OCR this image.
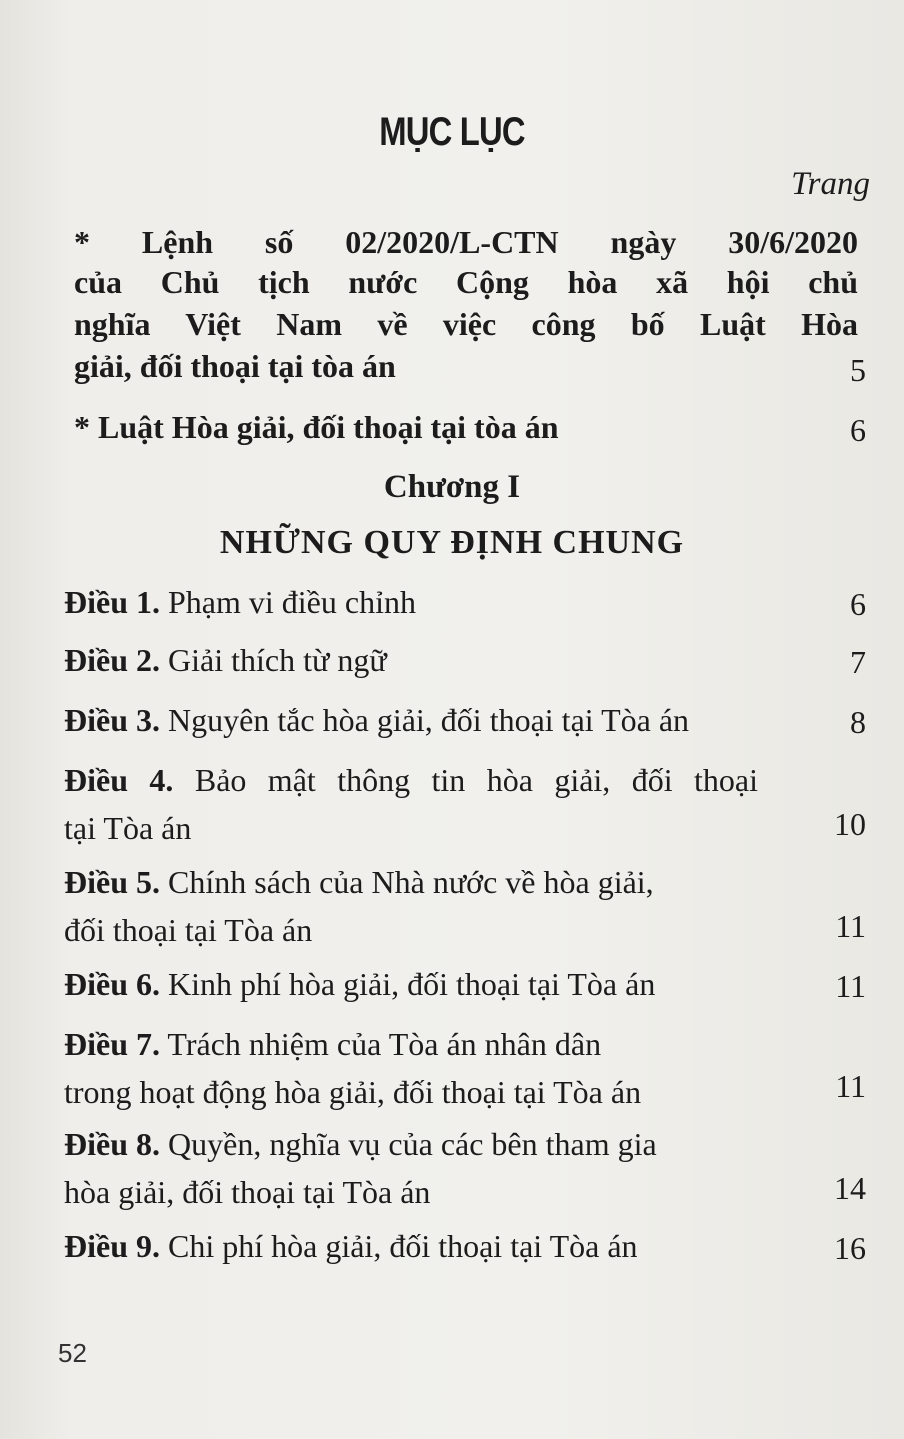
MỤC LỤC
Trang
* Lệnh số 02/2020/L-CTN ngày 30/6/2020
của Chủ tịch nước Cộng hòa xã hội chủ
nghĩa Việt Nam về việc công bố Luật Hòa
giải, đối thoại tại tòa án	5
* Luật Hòa giải, đối thoại tại tòa án	6
Chương I
NHỮNG QUY ĐỊNH CHUNG
Điều 1. Phạm vi điều chỉnh	6
Điều 2. Giải thích từ ngữ	7
Điều 3. Nguyên tắc hòa giải, đối thoại tại Tòa án	8
Điều 4. Bảo mật thông tin hòa giải, đối thoại
tại Tòa án	10
Điều 5. Chính sách của Nhà nước về hòa giải,
đối thoại tại Tòa án	11
Điều 6. Kinh phí hòa giải, đối thoại tại Tòa án	11
Điều 7. Trách nhiệm của Tòa án nhân dân
trong hoạt động hòa giải, đối thoại tại Tòa án	11
Điều 8. Quyền, nghĩa vụ của các bên tham gia
hòa giải, đối thoại tại Tòa án	14
Điều 9. Chi phí hòa giải, đối thoại tại Tòa án	16
52
